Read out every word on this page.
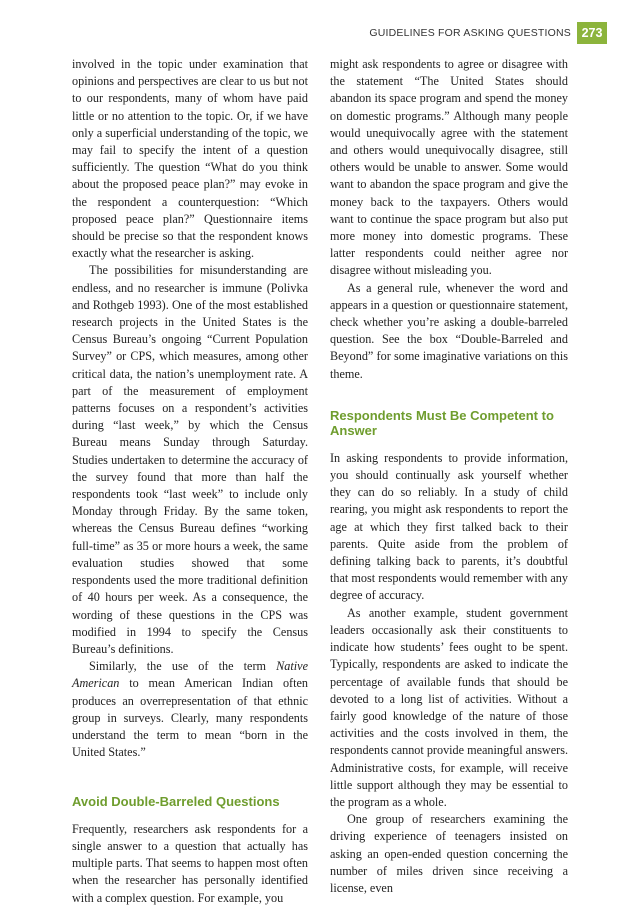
GUIDELINES FOR ASKING QUESTIONS 273

involved in the topic under examination that opinions and perspectives are clear to us but not to our respondents, many of whom have paid little or no attention to the topic. Or, if we have only a superficial understanding of the topic, we may fail to specify the intent of a question sufficiently. The question “What do you think about the proposed peace plan?” may evoke in the respondent a counterquestion: “Which proposed peace plan?” Questionnaire items should be precise so that the respondent knows exactly what the researcher is asking.

The possibilities for misunderstanding are endless, and no researcher is immune (Polivka and Rothgeb 1993). One of the most established research projects in the United States is the Census Bureau’s ongoing “Current Population Survey” or CPS, which measures, among other critical data, the nation’s unemployment rate. A part of the measurement of employment patterns focuses on a respondent’s activities during “last week,” by which the Census Bureau means Sunday through Saturday. Studies undertaken to determine the accuracy of the survey found that more than half the respondents took “last week” to include only Monday through Friday. By the same token, whereas the Census Bureau defines “working full-time” as 35 or more hours a week, the same evaluation studies showed that some respondents used the more traditional definition of 40 hours per week. As a consequence, the wording of these questions in the CPS was modified in 1994 to specify the Census Bureau’s definitions.

Similarly, the use of the term Native American to mean American Indian often produces an overrepresentation of that ethnic group in surveys. Clearly, many respondents understand the term to mean “born in the United States.”

Avoid Double-Barreled Questions

Frequently, researchers ask respondents for a single answer to a question that actually has multiple parts. That seems to happen most often when the researcher has personally identified with a complex question. For example, you

might ask respondents to agree or disagree with the statement “The United States should abandon its space program and spend the money on domestic programs.” Although many people would unequivocally agree with the statement and others would unequivocally disagree, still others would be unable to answer. Some would want to abandon the space program and give the money back to the taxpayers. Others would want to continue the space program but also put more money into domestic programs. These latter respondents could neither agree nor disagree without misleading you.

As a general rule, whenever the word and appears in a question or questionnaire statement, check whether you’re asking a double-barreled question. See the box “Double-Barreled and Beyond” for some imaginative variations on this theme.

Respondents Must Be Competent to Answer

In asking respondents to provide information, you should continually ask yourself whether they can do so reliably. In a study of child rearing, you might ask respondents to report the age at which they first talked back to their parents. Quite aside from the problem of defining talking back to parents, it’s doubtful that most respondents would remember with any degree of accuracy.

As another example, student government leaders occasionally ask their constituents to indicate how students’ fees ought to be spent. Typically, respondents are asked to indicate the percentage of available funds that should be devoted to a long list of activities. Without a fairly good knowledge of the nature of those activities and the costs involved in them, the respondents cannot provide meaningful answers. Administrative costs, for example, will receive little support although they may be essential to the program as a whole.

One group of researchers examining the driving experience of teenagers insisted on asking an open-ended question concerning the number of miles driven since receiving a license, even
